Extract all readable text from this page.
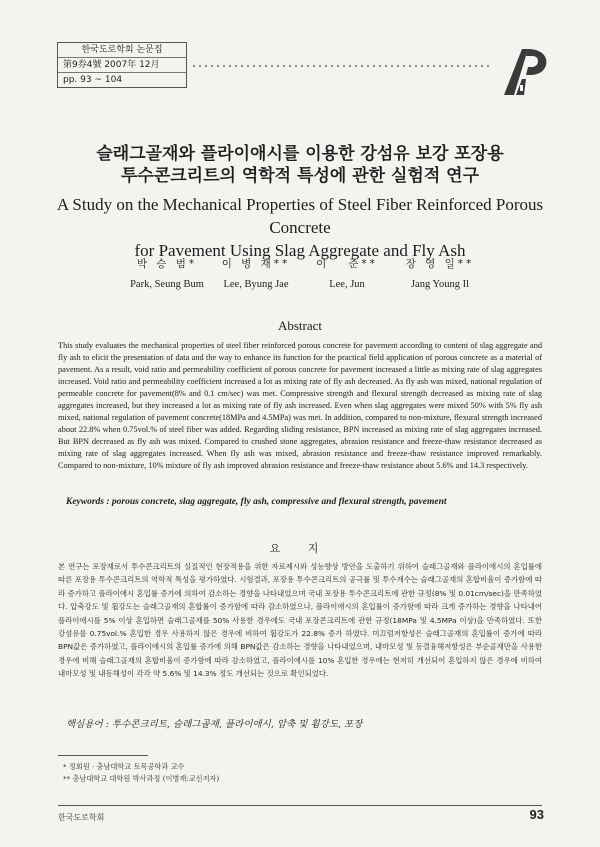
한국도로학회 논문집
第9券4號 2007年 12月
pp. 93 ~ 104
슬래그골재와 플라이애시를 이용한 강섬유 보강 포장용
투수콘크리트의 역학적 특성에 관한 실험적 연구
A Study on the Mechanical Properties of Steel Fiber Reinforced Porous Concrete
for Pavement Using Slag Aggregate and Fly Ash
박 승 범*
Park, Seung Bum
이 병 재**
Lee, Byung Jae
이   준**
Lee, Jun
장 영 일**
Jang Young Il
Abstract
This study evaluates the mechanical properties of steel fiber reinforced porous concrete for pavement according to content of slag aggregate and fly ash to elicit the presentation of data and the way to enhance its function for the practical field application of porous concrete as a material of pavement. As a result, void ratio and permeability coefficient of porous concrete for pavement increased a little as mixing rate of slag aggregates increased. Void ratio and permeability coefficient increased a lot as mixing rate of fly ash decreased. As fly ash was mixed, national regulation of permeable concrete for pavement(8% and 0.1 cm/sec) was met. Compressive strength and flexural strength decreased as mixing rate of slag aggregates increased, but they increased a lot as mixing rate of fly ash increased. Even when slag aggregates were mixed 50% with 5% fly ash mixed, national regulation of pavement concrete(18MPa and 4.5MPa) was met. In addition, compared to non-mixture, flexural strength increased about 22.8% when 0.75vol.% of steel fiber was added. Regarding sliding resistance, BPN increased as mixing rate of slag aggregates increased. But BPN decreased as fly ash was mixed. Compared to crushed stone aggregates, abrasion resistance and freeze-thaw resistance decreased as mixing rate of slag aggregates increased. When fly ash was mixed, abrasion resistance and freeze-thaw resistance improved remarkably. Compared to non-mixture, 10% mixture of fly ash improved abrasion resistance and freeze-thaw resistance about 5.6% and 14.3 respectively.
Keywords : porous concrete, slag aggregate, fly ash, compressive and flexural strength, pavement
요 지
본 연구는 포장재로서 투수콘크리트의 실질적인 현장적용을 위한 자료제시와 성능향상 방안을 도출하기 위하여 슬래그골재와 플라이애시의 혼입률에 따른 포장용 투수콘크리트의 역학적 특성을 평가하였다. 시험결과, 포장용 투수콘크리트의 공극률 및 투수계수는 슬래그골재의 혼합비율이 증가함에 따라 증가하고 플라이애시 혼입률 증가에 의하여 감소하는 경향을 나타내었으며 국내 포장용 투수콘크리트에 관한 규정(8% 및 0.01cm/sec)을 만족하였다. 압축강도 및 휨강도는 슬래그골재의 혼합률이 증가함에 따라 감소하였으나, 플라이애시의 혼입률이 증가함에 따라 크게 증가하는 경향을 나타내어 플라이애시를 5% 이상 혼입하면 슬래그골재를 50% 사용한 경우에도 국내 포장콘크리트에 관한 규정(18MPa 및 4.5MPa 이상)을 만족하였다. 또한 강섬유를 0.75vol.% 혼입한 경우 사용하지 않은 경우에 비하여 휨강도가 22.8% 증가 하였다. 미끄럼저항성은 슬래그골재의 혼입률이 증가에 따라 BPN값은 증가하였고, 플라이애시의 혼입률 증가에 의해 BPN값은 감소하는 경향을 나타내었으며, 내마모성 및 동결융해저항성은 부순골재만을 사용한 경우에 비해 슬래그골재의 혼합비율이 증가함에 따라 감소하였고, 플라이애시를 10% 혼입한 경우에는 현저히 개선되어 혼입하지 않은 경우에 비하여 내마모성 및 내동해성이 각각 약 5.6% 및 14.3% 정도 개선되는 것으로 확인되었다.
핵심용어 : 투수콘크리트, 슬래그골재, 플라이애시, 압축 및 휨강도, 포장
* 정회원 · 충남대학교 토목공학과 교수
** 충남대학교 대학원 박사과정 (이병재:교신저자)
한국도로학회	93
